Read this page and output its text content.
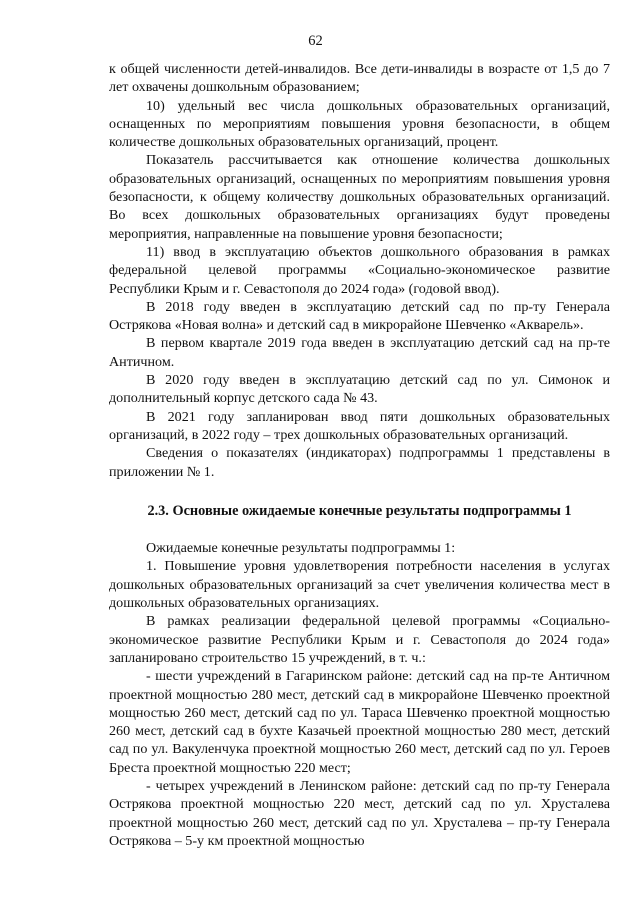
62

к общей численности детей-инвалидов. Все дети-инвалиды в возрасте от 1,5 до 7 лет охвачены дошкольным образованием;

10) удельный вес числа дошкольных образовательных организаций, оснащенных по мероприятиям повышения уровня безопасности, в общем количестве дошкольных образовательных организаций, процент.

Показатель рассчитывается как отношение количества дошкольных образовательных организаций, оснащенных по мероприятиям повышения уровня безопасности, к общему количеству дошкольных образовательных организаций. Во всех дошкольных образовательных организациях будут проведены мероприятия, направленные на повышение уровня безопасности;

11) ввод в эксплуатацию объектов дошкольного образования в рамках федеральной целевой программы «Социально-экономическое развитие Республики Крым и г. Севастополя до 2024 года» (годовой ввод).

В 2018 году введен в эксплуатацию детский сад по пр-ту Генерала Острякова «Новая волна» и детский сад в микрорайоне Шевченко «Акварель».

В первом квартале 2019 года введен в эксплуатацию детский сад на пр-те Античном.

В 2020 году введен в эксплуатацию детский сад по ул. Симонок и дополнительный корпус детского сада № 43.

В 2021 году запланирован ввод пяти дошкольных образовательных организаций, в 2022 году – трех дошкольных образовательных организаций.

Сведения о показателях (индикаторах) подпрограммы 1 представлены в приложении № 1.

2.3. Основные ожидаемые конечные результаты подпрограммы 1

Ожидаемые конечные результаты подпрограммы 1:

1. Повышение уровня удовлетворения потребности населения в услугах дошкольных образовательных организаций за счет увеличения количества мест в дошкольных образовательных организациях.

В рамках реализации федеральной целевой программы «Социально-экономическое развитие Республики Крым и г. Севастополя до 2024 года» запланировано строительство 15 учреждений, в т. ч.:

- шести учреждений в Гагаринском районе: детский сад на пр-те Античном проектной мощностью 280 мест, детский сад в микрорайоне Шевченко проектной мощностью 260 мест, детский сад по ул. Тараса Шевченко проектной мощностью 260 мест, детский сад в бухте Казачьей проектной мощностью 280 мест, детский сад по ул. Вакуленчука проектной мощностью 260 мест, детский сад по ул. Героев Бреста проектной мощностью 220 мест;

- четырех учреждений в Ленинском районе: детский сад по пр-ту Генерала Острякова проектной мощностью 220 мест, детский сад по ул. Хрусталева проектной мощностью 260 мест, детский сад по ул. Хрусталева – пр-ту Генерала Острякова – 5-у км проектной мощностью
